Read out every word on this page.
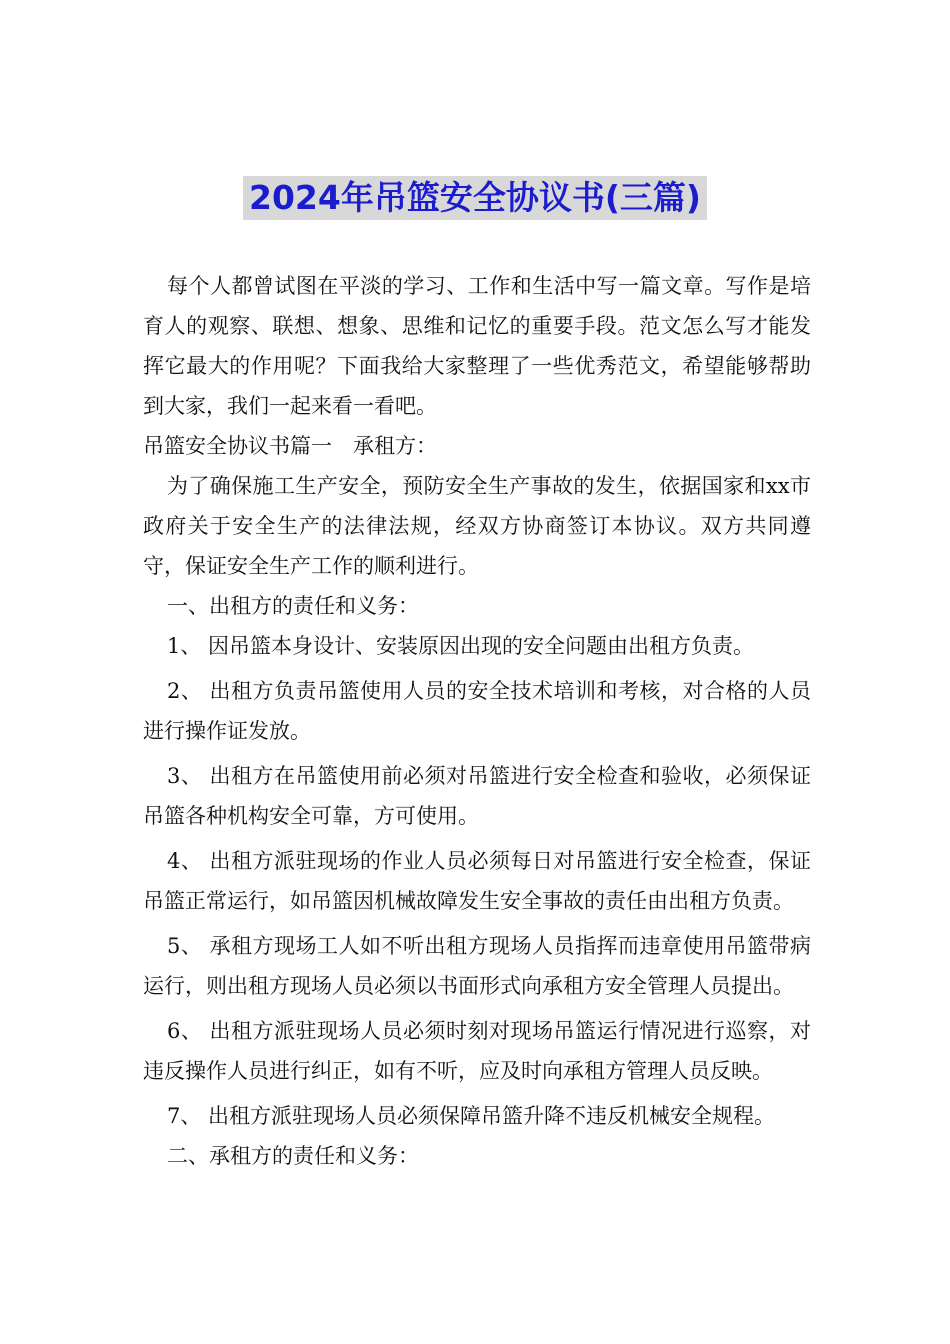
2024年吊篮安全协议书(三篇)

每个人都曾试图在平淡的学习、工作和生活中写一篇文章。写作是培育人的观察、联想、想象、思维和记忆的重要手段。范文怎么写才能发挥它最大的作用呢？下面我给大家整理了一些优秀范文，希望能够帮助到大家，我们一起来看一看吧。

吊篮安全协议书篇一　承租方：

为了确保施工生产安全，预防安全生产事故的发生，依据国家和xx市政府关于安全生产的法律法规，经双方协商签订本协议。双方共同遵守，保证安全生产工作的顺利进行。

一、出租方的责任和义务：

1、 因吊篮本身设计、安装原因出现的安全问题由出租方负责。

2、 出租方负责吊篮使用人员的安全技术培训和考核，对合格的人员进行操作证发放。

3、 出租方在吊篮使用前必须对吊篮进行安全检查和验收，必须保证吊篮各种机构安全可靠，方可使用。

4、 出租方派驻现场的作业人员必须每日对吊篮进行安全检查，保证吊篮正常运行，如吊篮因机械故障发生安全事故的责任由出租方负责。

5、 承租方现场工人如不听出租方现场人员指挥而违章使用吊篮带病运行，则出租方现场人员必须以书面形式向承租方安全管理人员提出。

6、 出租方派驻现场人员必须时刻对现场吊篮运行情况进行巡察，对违反操作人员进行纠正，如有不听，应及时向承租方管理人员反映。

7、 出租方派驻现场人员必须保障吊篮升降不违反机械安全规程。

二、承租方的责任和义务：
